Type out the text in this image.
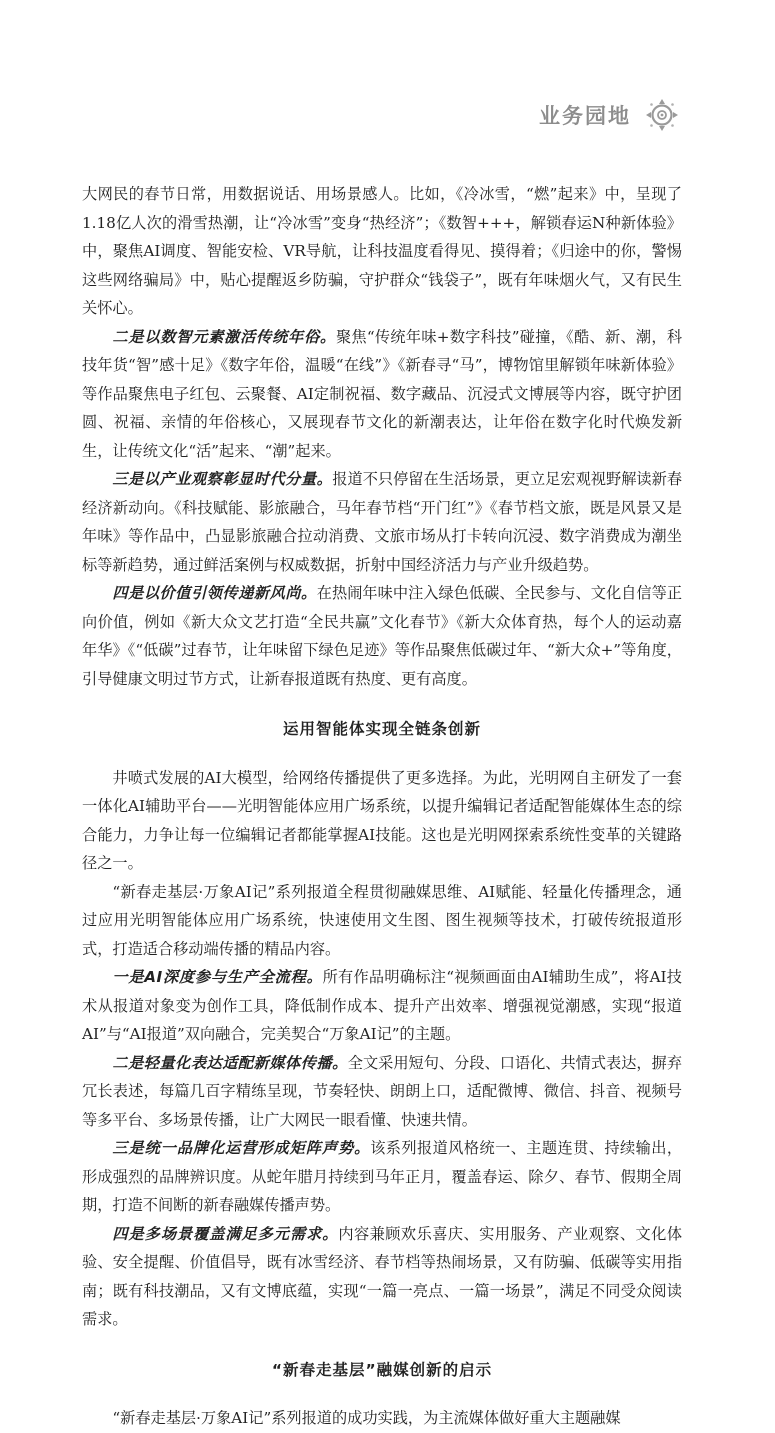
业务园地

大网民的春节日常，用数据说话、用场景感人。比如，《冷冰雪，“燃”起来》中，呈现了1.18亿人次的滑雪热潮，让“冷冰雪”变身“热经济”；《数智+++，解锁春运N种新体验》中，聚焦AI调度、智能安检、VR导航，让科技温度看得见、摸得着；《归途中的你，警惕这些网络骗局》中，贴心提醒返乡防骗，守护群众“钱袋子”，既有年味烟火气，又有民生关怀心。

二是以数智元素激活传统年俗。聚焦“传统年味+数字科技”碰撞，《酷、新、潮，科技年货“智”感十足》《数字年俗，温暖“在线”》《新春寻“马”，博物馆里解锁年味新体验》等作品聚焦电子红包、云聚餐、AI定制祝福、数字藏品、沉浸式文博展等内容，既守护团圆、祝福、亲情的年俗核心，又展现春节文化的新潮表达，让年俗在数字化时代焕发新生，让传统文化“活”起来、“潮”起来。

三是以产业观察彰显时代分量。报道不只停留在生活场景，更立足宏观视野解读新春经济新动向。《科技赋能、影旅融合，马年春节档“开门红”》《春节档文旅，既是风景又是年味》等作品中，凸显影旅融合拉动消费、文旅市场从打卡转向沉浸、数字消费成为潮坐标等新趋势，通过鲜活案例与权威数据，折射中国经济活力与产业升级趋势。

四是以价值引领传递新风尚。在热闹年味中注入绿色低碳、全民参与、文化自信等正向价值，例如《新大众文艺打造“全民共赢”文化春节》《新大众体育热，每个人的运动嘉年华》《“低碳”过春节，让年味留下绿色足迹》等作品聚焦低碳过年、“新大众+”等角度，引导健康文明过节方式，让新春报道既有热度、更有高度。

运用智能体实现全链条创新

井喷式发展的AI大模型，给网络传播提供了更多选择。为此，光明网自主研发了一套一体化AI辅助平台——光明智能体应用广场系统，以提升编辑记者适配智能媒体生态的综合能力，力争让每一位编辑记者都能掌握AI技能。这也是光明网探索系统性变革的关键路径之一。

“新春走基层·万象AI记”系列报道全程贯彻融媒思维、AI赋能、轻量化传播理念，通过应用光明智能体应用广场系统，快速使用文生图、图生视频等技术，打破传统报道形式，打造适合移动端传播的精品内容。

一是AI深度参与生产全流程。所有作品明确标注“视频画面由AI辅助生成”，将AI技术从报道对象变为创作工具，降低制作成本、提升产出效率、增强视觉潮感，实现“报道AI”与“AI报道”双向融合，完美契合“万象AI记”的主题。

二是轻量化表达适配新媒体传播。全文采用短句、分段、口语化、共情式表达，摒弃冗长表述，每篇几百字精练呈现，节奏轻快、朗朗上口，适配微博、微信、抖音、视频号等多平台、多场景传播，让广大网民一眼看懂、快速共情。

三是统一品牌化运营形成矩阵声势。该系列报道风格统一、主题连贯、持续输出，形成强烈的品牌辨识度。从蛇年腊月持续到马年正月，覆盖春运、除夕、春节、假期全周期，打造不间断的新春融媒传播声势。

四是多场景覆盖满足多元需求。内容兼顾欢乐喜庆、实用服务、产业观察、文化体验、安全提醒、价值倡导，既有冰雪经济、春节档等热闹场景，又有防骗、低碳等实用指南；既有科技潮品，又有文博底蕴，实现“一篇一亮点、一篇一场景”，满足不同受众阅读需求。

“新春走基层”融媒创新的启示

“新春走基层·万象AI记”系列报道的成功实践，为主流媒体做好重大主题融媒
